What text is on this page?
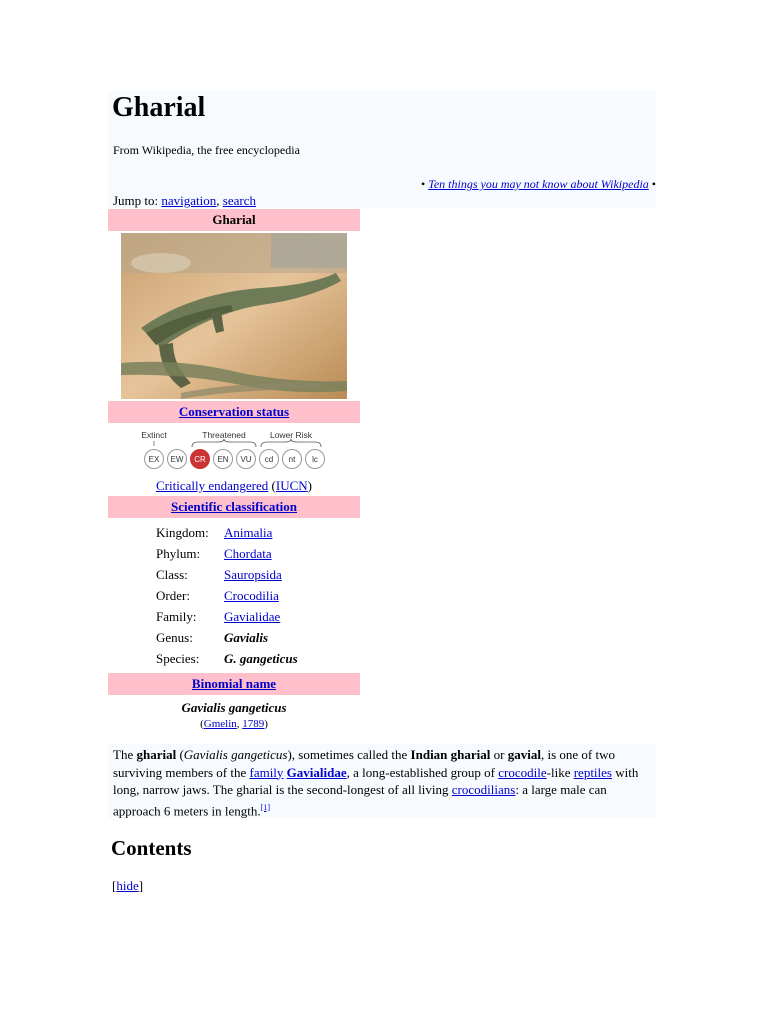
Gharial
From Wikipedia, the free encyclopedia
• Ten things you may not know about Wikipedia •
Jump to: navigation, search
Gharial
Conservation status
Extinct	Threatened	Lower Risk
EX EW CR EN VU cd nt lc
Critically endangered (IUCN)
Scientific classification
Kingdom:	Animalia
Phylum:	Chordata
Class:	Sauropsida
Order:	Crocodilia
Family:	Gavialidae
Genus:	Gavialis
Species:	G. gangeticus
Binomial name
Gavialis gangeticus
(Gmelin, 1789)
The gharial (Gavialis gangeticus), sometimes called the Indian gharial or gavial, is one of two surviving members of the family Gavialidae, a long-established group of crocodile-like reptiles with long, narrow jaws. The gharial is the second-longest of all living crocodilians: a large male can approach 6 meters in length.[1]
Contents
[hide]
